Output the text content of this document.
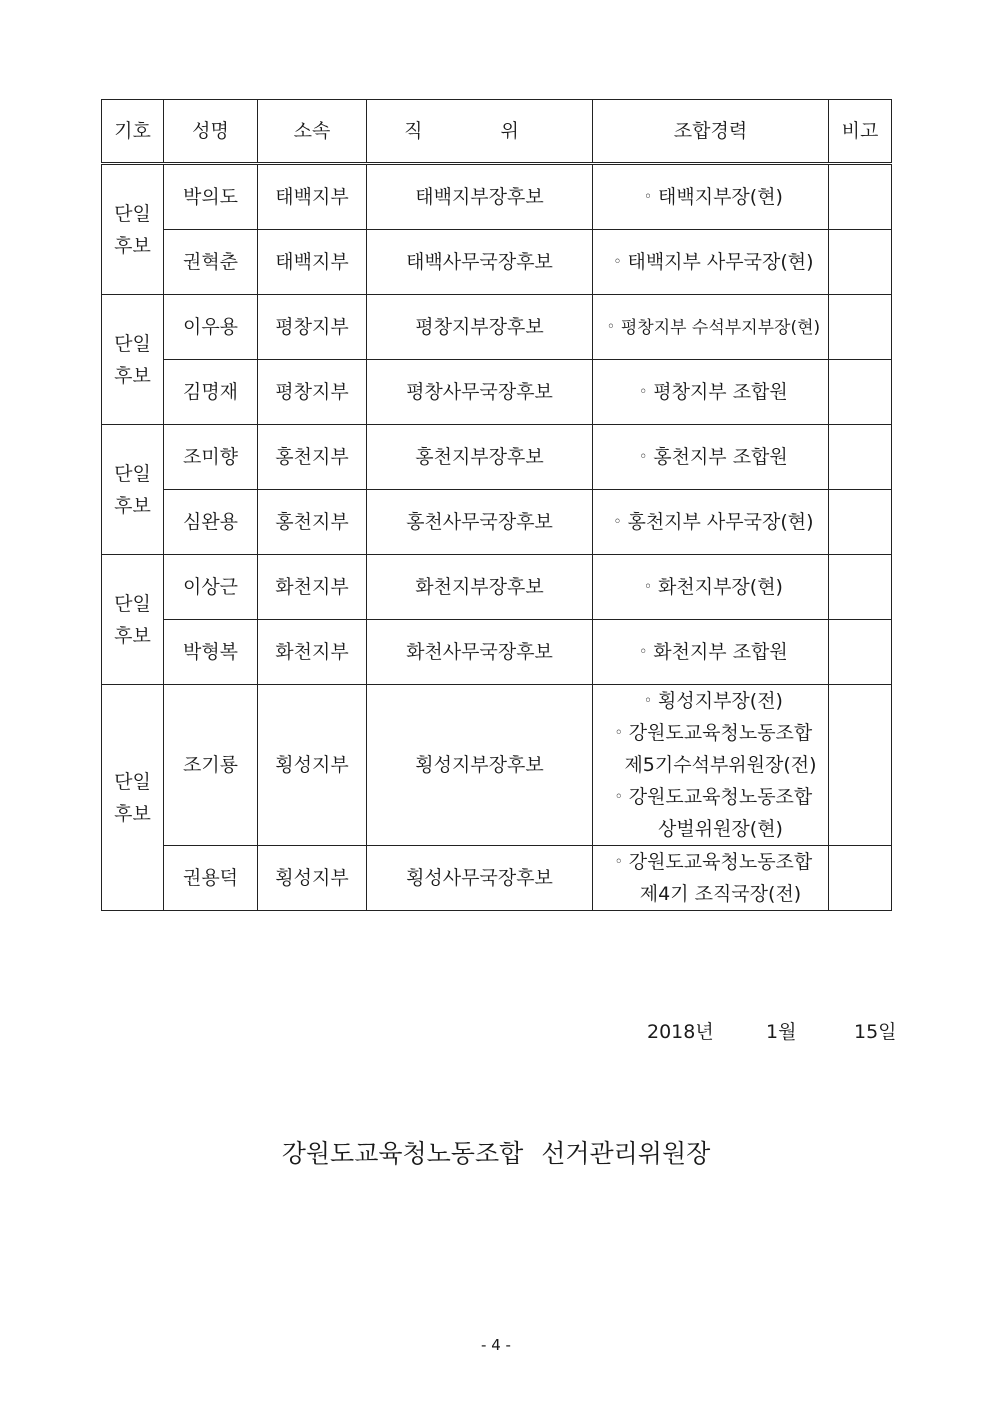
기호	성명	소속	직 위	조합경력	비고

단일
후보	박의도	태백지부	태백지부장후보	◦ 태백지부장(현)	

	권혁춘	태백지부	태백사무국장후보	◦ 태백지부 사무국장(현)	

단일
후보	이우용	평창지부	평창지부장후보	◦ 평창지부 수석부지부장(현)	

	김명재	평창지부	평창사무국장후보	◦ 평창지부 조합원	

단일
후보	조미향	홍천지부	홍천지부장후보	◦ 홍천지부 조합원	

	심완용	홍천지부	홍천사무국장후보	◦ 홍천지부 사무국장(현)	

단일
후보	이상근	화천지부	화천지부장후보	◦ 화천지부장(현)	

	박형복	화천지부	화천사무국장후보	◦ 화천지부 조합원	

단일
후보	조기룡	횡성지부	횡성지부장후보	◦ 횡성지부장(전)
◦ 강원도교육청노동조합
제5기수석부위원장(전)
◦ 강원도교육청노동조합
상벌위원장(현)	

	권용덕	횡성지부	횡성사무국장후보	◦ 강원도교육청노동조합
제4기 조직국장(전)	

2018년	1월	15일
강원도교육청노동조합 선거관리위원장
- 4 -
